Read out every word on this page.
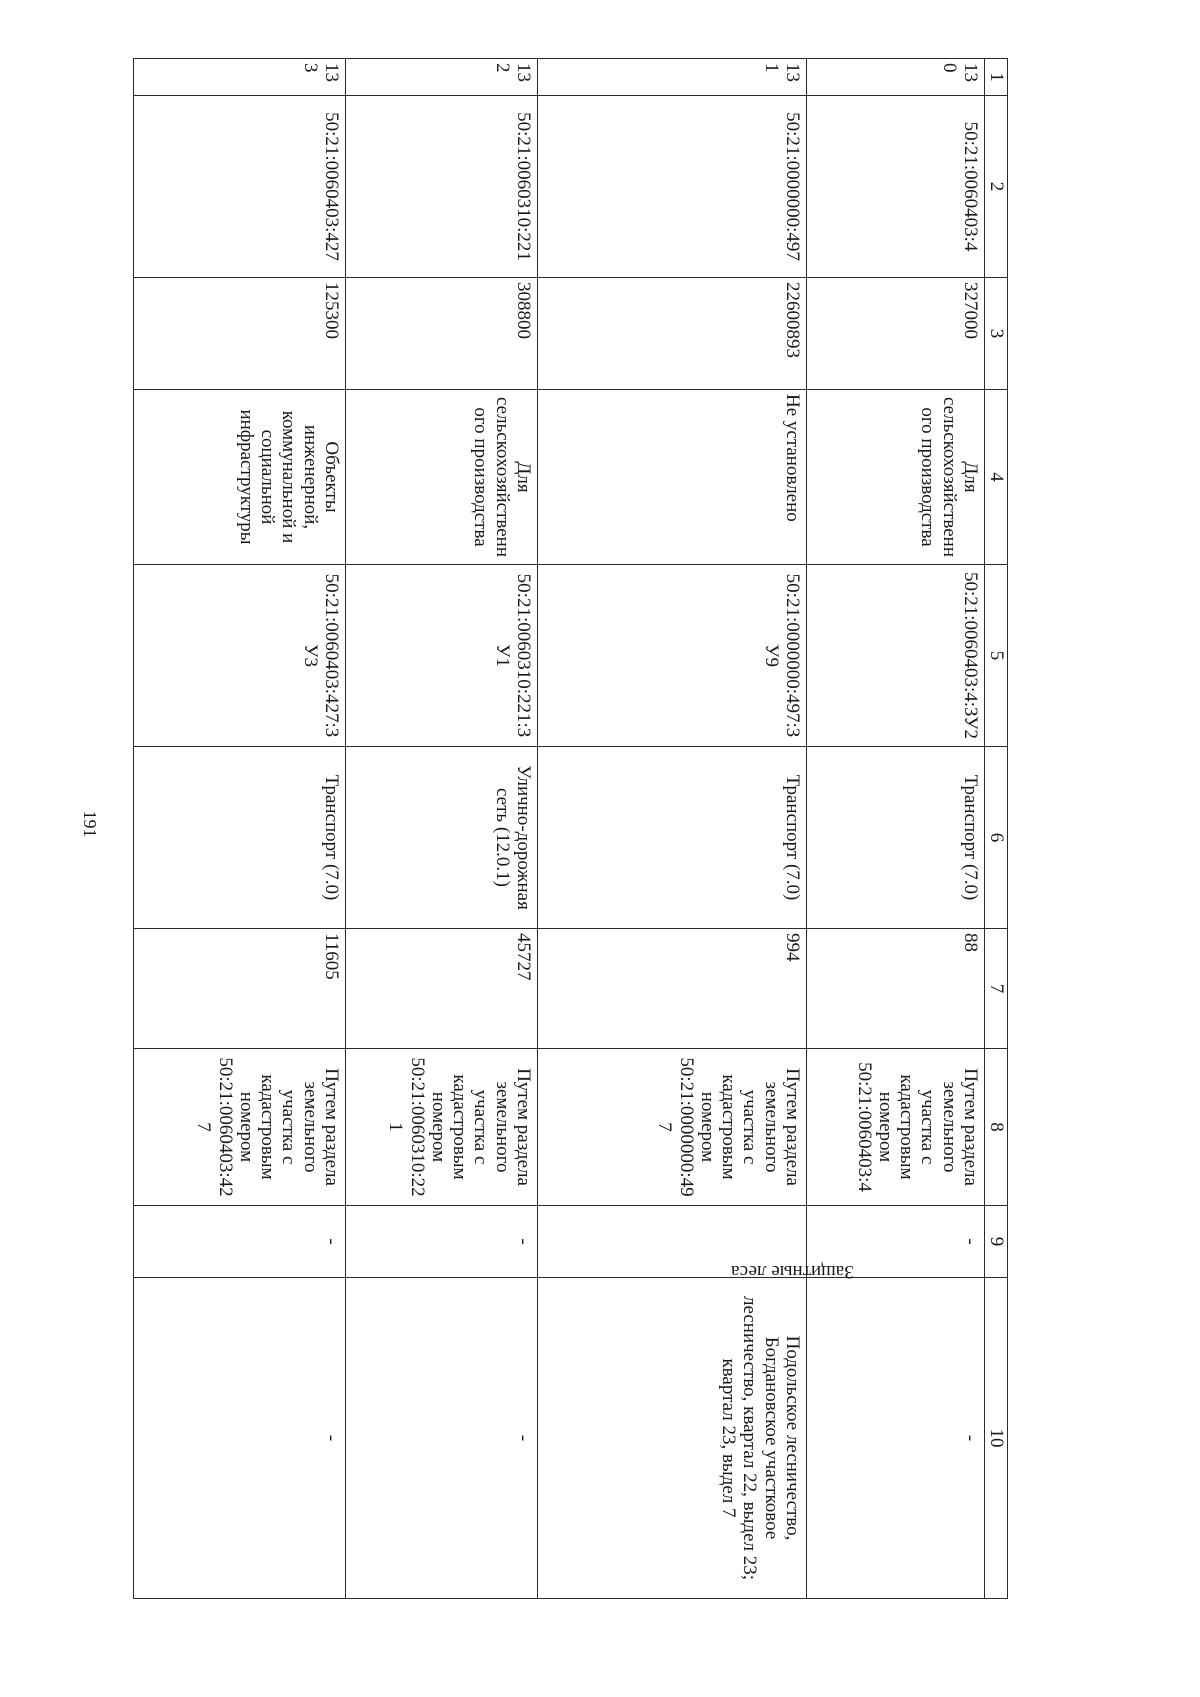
191
1	2	3	4	5	6	7	8	9	10
130	50:21:0060403:4	327000	Для сельскохозяйственного производства	50:21:0060403:4:ЗУ2	Транспорт (7.0)	88	Путем раздела земельного участка с кадастровым номером 50:21:0060403:4	-	-
131	50:21:0000000:497	22600893	Не установлено	50:21:0000000:497:ЗУ9	Транспорт (7.0)	994	Путем раздела земельного участка с кадастровым номером 50:21:0000000:497	Защитные леса	Подольское лесничество, Богдановское участковое лесничество, квартал 22, выдел 23; квартал 23, выдел 7
132	50:21:0060310:221	308800	Для сельскохозяйственного производства	50:21:0060310:221:ЗУ1	Улично-дорожная сеть (12.0.1)	45727	Путем раздела земельного участка с кадастровым номером 50:21:0060310:221	-	-
133	50:21:0060403:427	125300	Объекты инженерной, коммунальной и социальной инфраструктуры	50:21:0060403:427:ЗУ3	Транспорт (7.0)	11605	Путем раздела земельного участка с кадастровым номером 50:21:0060403:427	-	-
